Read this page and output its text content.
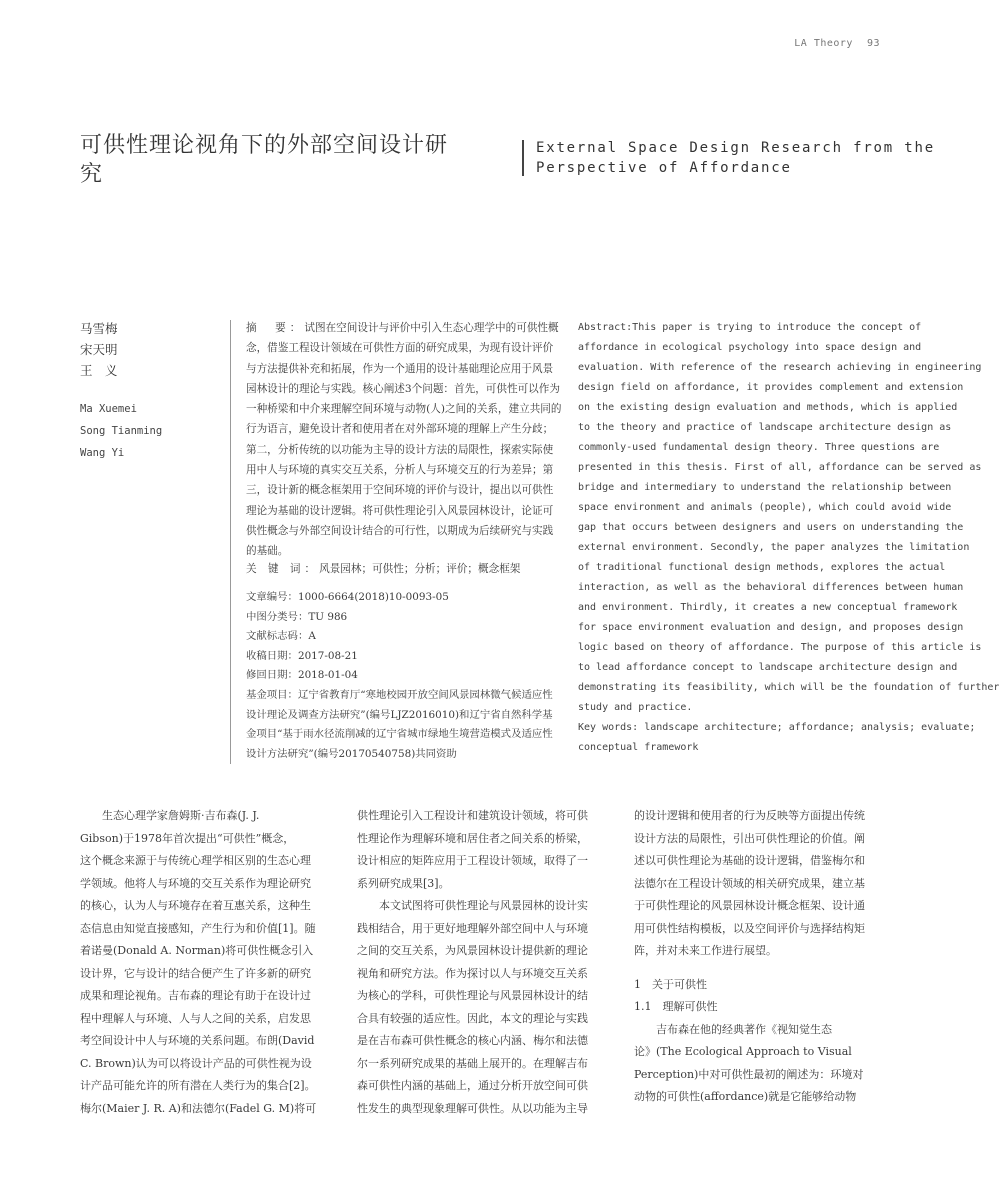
LA Theory 93
可供性理论视角下的外部空间设计研究
External Space Design Research from the
Perspective of Affordance
马雪梅
宋天明
王　义
Ma Xuemei
Song Tianming
Wang Yi
摘　要：试图在空间设计与评价中引入生态心理学中的可供性概念，借鉴工程设计领域在可供性方面的研究成果，为现有设计评价与方法提供补充和拓展，作为一个通用的设计基础理论应用于风景园林设计的理论与实践。核心阐述3个问题：首先，可供性可以作为一种桥梁和中介来理解空间环境与动物(人)之间的关系，建立共同的行为语言，避免设计者和使用者在对外部环境的理解上产生分歧；第二，分析传统的以功能为主导的设计方法的局限性，探索实际使用中人与环境的真实交互关系，分析人与环境交互的行为差异；第三，设计新的概念框架用于空间环境的评价与设计，提出以可供性理论为基础的设计逻辑。将可供性理论引入风景园林设计，论证可供性概念与外部空间设计结合的可行性，以期成为后续研究与实践的基础。
关 键 词：风景园林；可供性；分析；评价；概念框架
文章编号：1000-6664(2018)10-0093-05
中图分类号：TU 986
文献标志码：A
收稿日期：2017-08-21
修回日期：2018-01-04
基金项目：辽宁省教育厅“寒地校园开放空间风景园林微气候适应性设计理论及调查方法研究”(编号LJZ2016010)和辽宁省自然科学基金项目“基于雨水径流削减的辽宁省城市绿地生境营造模式及适应性设计方法研究”(编号20170540758)共同资助
Abstract:This paper is trying to introduce the concept of
affordance in ecological psychology into space design and
evaluation. With reference of the research achieving in engineering
design field on affordance, it provides complement and extension
on the existing design evaluation and methods, which is applied
to the theory and practice of landscape architecture design as
commonly-used fundamental design theory. Three questions are
presented in this thesis. First of all, affordance can be served as
bridge and intermediary to understand the relationship between
space environment and animals (people), which could avoid wide
gap that occurs between designers and users on understanding the
external environment. Secondly, the paper analyzes the limitation
of traditional functional design methods, explores the actual
interaction, as well as the behavioral differences between human
and environment. Thirdly, it creates a new conceptual framework
for space environment evaluation and design, and proposes design
logic based on theory of affordance. The purpose of this article is
to lead affordance concept to landscape architecture design and
demonstrating its feasibility, which will be the foundation of further
study and practice.
Key words: landscape architecture; affordance; analysis; evaluate;
conceptual framework
　　生态心理学家詹姆斯·吉布森(J. J.
Gibson)于1978年首次提出“可供性”概念，
这个概念来源于与传统心理学相区别的生态心理
学领域。他将人与环境的交互关系作为理论研究
的核心，认为人与环境存在着互惠关系，这种生
态信息由知觉直接感知，产生行为和价值[1]。随
着诺曼(Donald A. Norman)将可供性概念引入
设计界，它与设计的结合便产生了许多新的研究
成果和理论视角。吉布森的理论有助于在设计过
程中理解人与环境、人与人之间的关系，启发思
考空间设计中人与环境的关系问题。布朗(David
C. Brown)认为可以将设计产品的可供性视为设
计产品可能允许的所有潜在人类行为的集合[2]。
梅尔(Maier J. R. A)和法德尔(Fadel G. M)将可
供性理论引入工程设计和建筑设计领域，将可供
性理论作为理解环境和居住者之间关系的桥梁，
设计相应的矩阵应用于工程设计领域，取得了一
系列研究成果[3]。
　　本文试图将可供性理论与风景园林的设计实
践相结合，用于更好地理解外部空间中人与环境
之间的交互关系，为风景园林设计提供新的理论
视角和研究方法。作为探讨以人与环境交互关系
为核心的学科，可供性理论与风景园林设计的结
合具有较强的适应性。因此，本文的理论与实践
是在吉布森可供性概念的核心内涵、梅尔和法德
尔一系列研究成果的基础上展开的。在理解吉布
森可供性内涵的基础上，通过分析开放空间可供
性发生的典型现象理解可供性。从以功能为主导
的设计逻辑和使用者的行为反映等方面提出传统
设计方法的局限性，引出可供性理论的价值。阐
述以可供性理论为基础的设计逻辑，借鉴梅尔和
法德尔在工程设计领域的相关研究成果，建立基
于可供性理论的风景园林设计概念框架、设计通
用可供性结构模板，以及空间评价与选择结构矩
阵，并对未来工作进行展望。
1　关于可供性
1.1　理解可供性
　　吉布森在他的经典著作《视知觉生态
论》(The Ecological Approach to Visual
Perception)中对可供性最初的阐述为：环境对
动物的可供性(affordance)就是它能够给动物
